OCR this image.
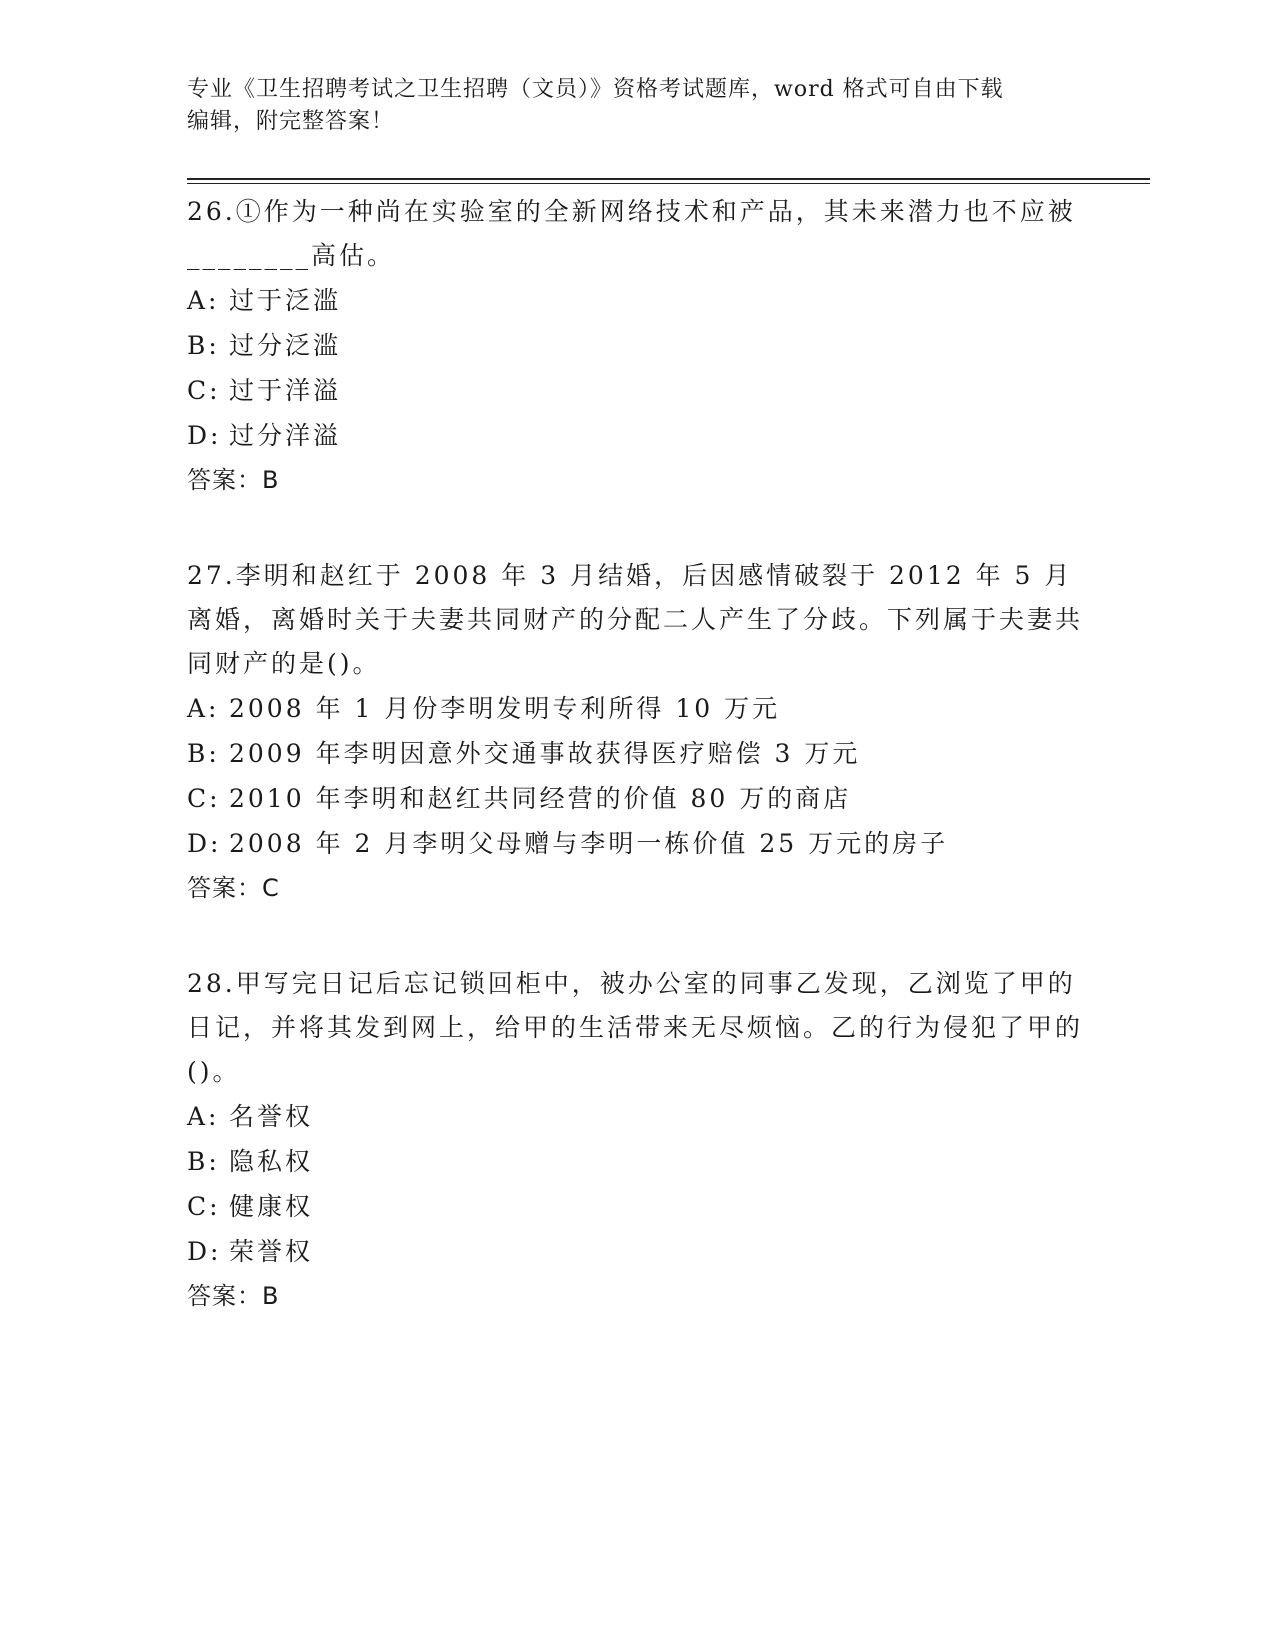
专业《卫生招聘考试之卫生招聘（文员）》资格考试题库，word 格式可自由下载
编辑，附完整答案！

26.①作为一种尚在实验室的全新网络技术和产品，其未来潜力也不应被________高估。

A: 过于泛滥
B: 过分泛滥
C: 过于洋溢
D: 过分洋溢

答案：B

27.李明和赵红于 2008 年 3 月结婚，后因感情破裂于 2012 年 5 月离婚，离婚时关于夫妻共同财产的分配二人产生了分歧。下列属于夫妻共同财产的是()。

A: 2008 年 1 月份李明发明专利所得 10 万元
B: 2009 年李明因意外交通事故获得医疗赔偿 3 万元
C: 2010 年李明和赵红共同经营的价值 80 万的商店
D: 2008 年 2 月李明父母赠与李明一栋价值 25 万元的房子

答案：C

28.甲写完日记后忘记锁回柜中，被办公室的同事乙发现，乙浏览了甲的日记，并将其发到网上，给甲的生活带来无尽烦恼。乙的行为侵犯了甲的()。

A: 名誉权
B: 隐私权
C: 健康权
D: 荣誉权

答案：B
